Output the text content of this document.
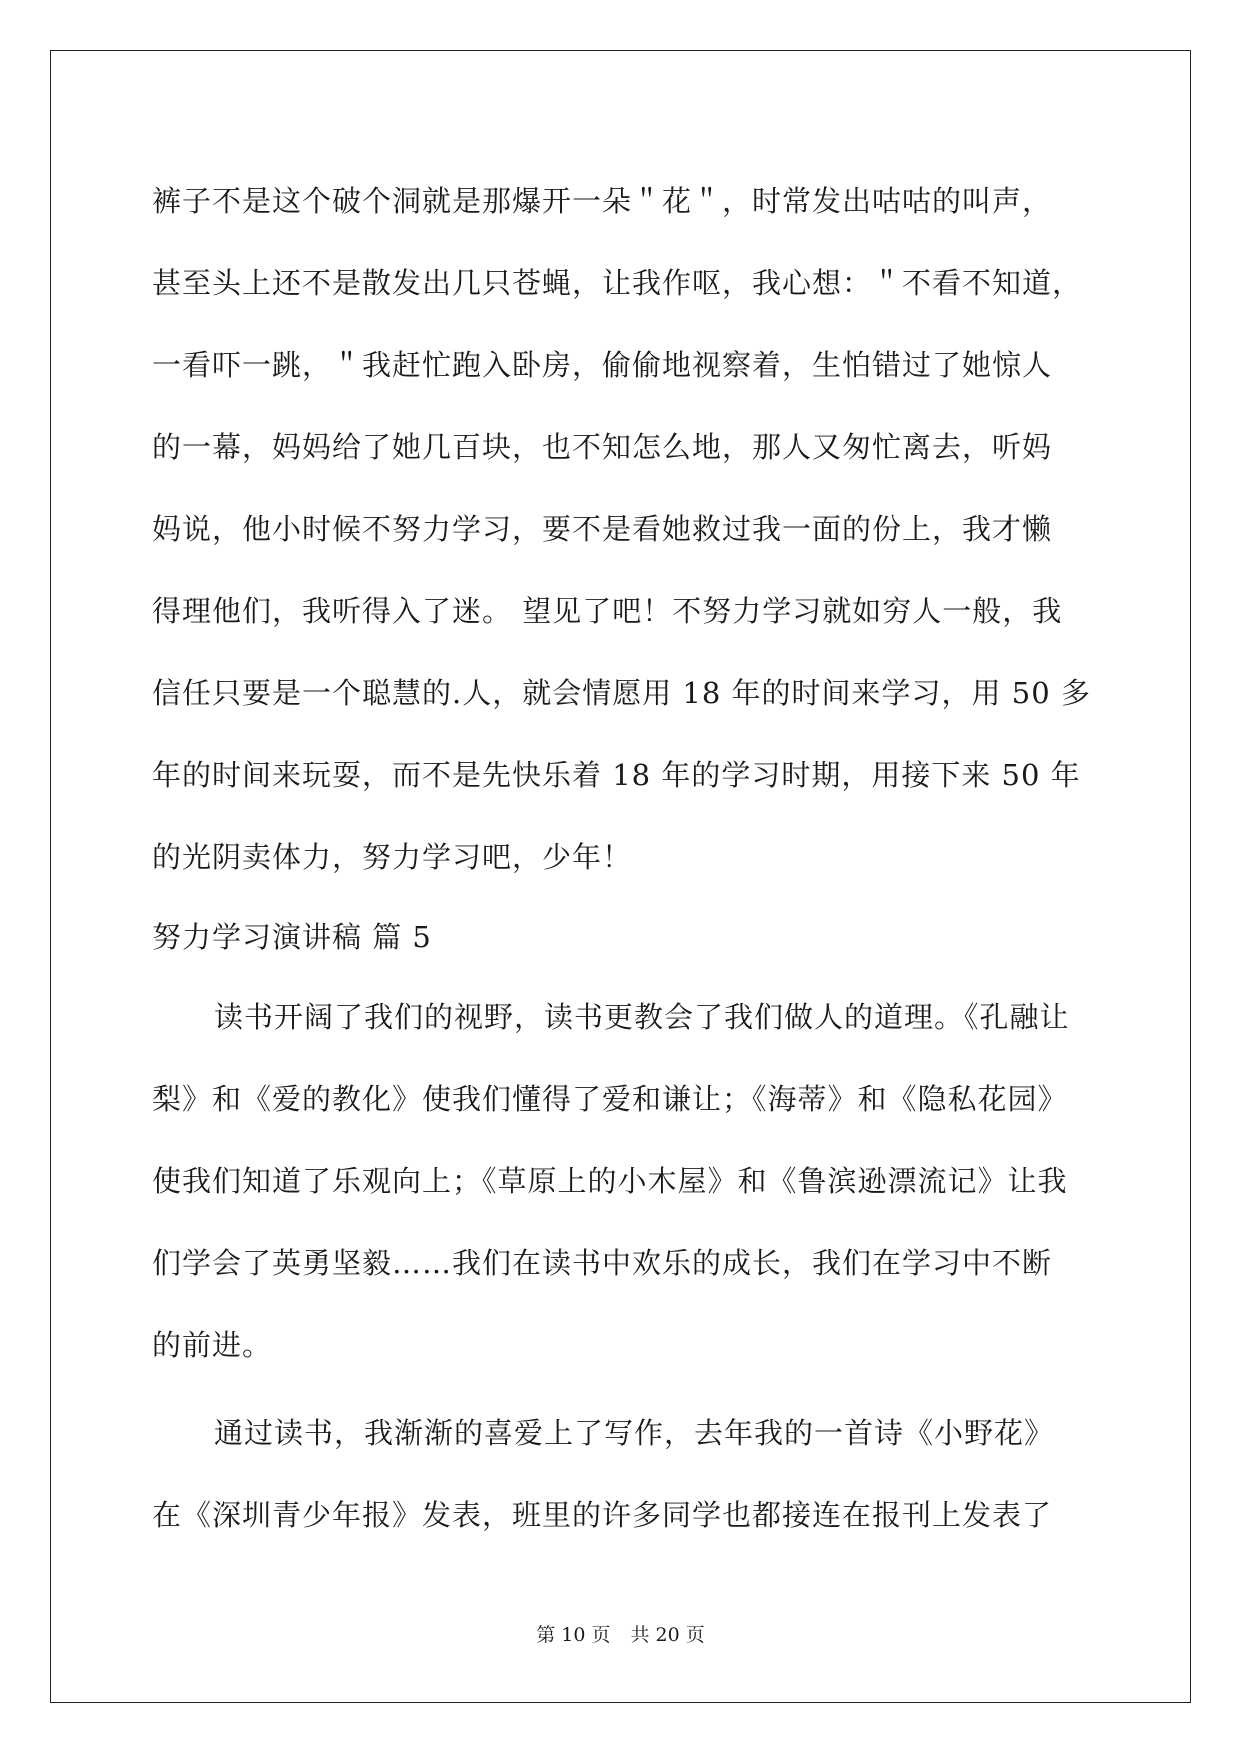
裤子不是这个破个洞就是那爆开一朵＂花＂，时常发出咕咕的叫声，
甚至头上还不是散发出几只苍蝇，让我作呕，我心想：＂不看不知道，
一看吓一跳，＂我赶忙跑入卧房，偷偷地视察着，生怕错过了她惊人
的一幕，妈妈给了她几百块，也不知怎么地，那人又匆忙离去，听妈
妈说，他小时候不努力学习，要不是看她救过我一面的份上，我才懒
得理他们，我听得入了迷。 望见了吧！不努力学习就如穷人一般，我
信任只要是一个聪慧的.人，就会情愿用 18 年的时间来学习，用 50 多
年的时间来玩耍，而不是先快乐着 18 年的学习时期，用接下来 50 年
的光阴卖体力，努力学习吧，少年！
努力学习演讲稿 篇 5
读书开阔了我们的视野，读书更教会了我们做人的道理。《孔融让
梨》和《爱的教化》使我们懂得了爱和谦让；《海蒂》和《隐私花园》
使我们知道了乐观向上；《草原上的小木屋》和《鲁滨逊漂流记》让我
们学会了英勇坚毅……我们在读书中欢乐的成长，我们在学习中不断
的前进。
通过读书，我渐渐的喜爱上了写作，去年我的一首诗《小野花》
在《深圳青少年报》发表，班里的许多同学也都接连在报刊上发表了
第 10 页 共 20 页
